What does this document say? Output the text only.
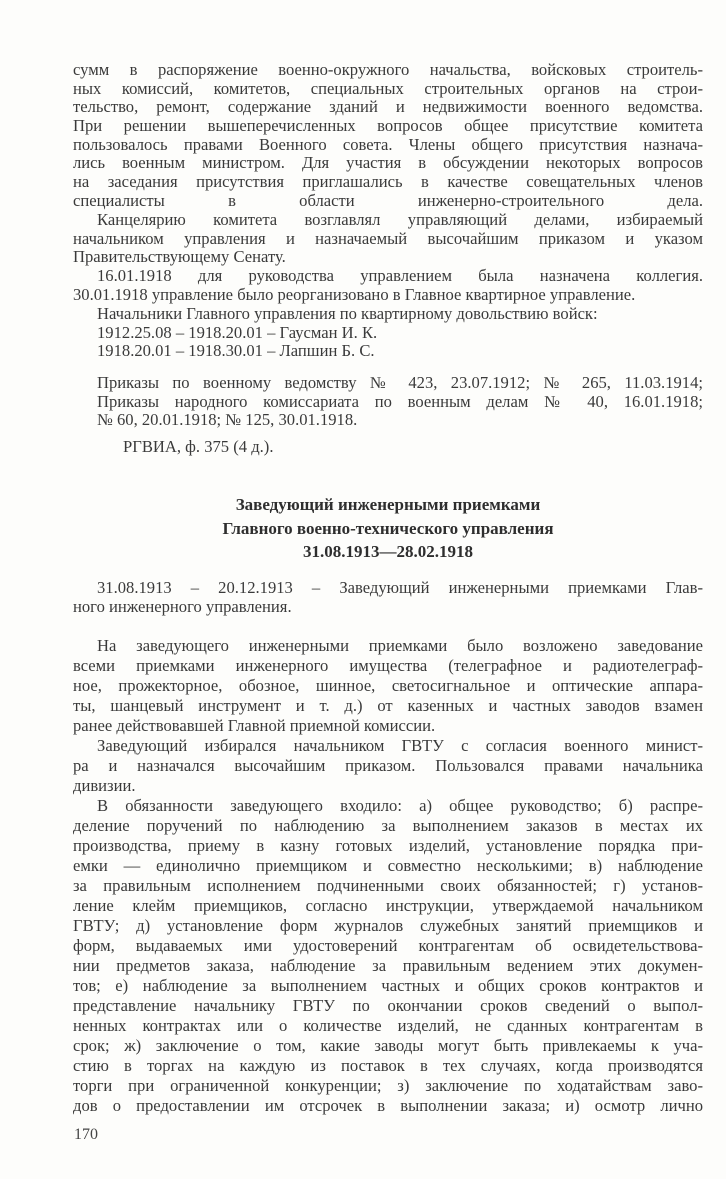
сумм в распоряжение военно-окружного начальства, войсковых строитель-
ных комиссий, комитетов, специальных строительных органов на строи-
тельство, ремонт, содержание зданий и недвижимости военного ведомства.
При решении вышеперечисленных вопросов общее присутствие комитета
пользовалось правами Военного совета. Члены общего присутствия назнача-
лись военным министром. Для участия в обсуждении некоторых вопросов
на заседания присутствия приглашались в качестве совещательных членов
специалисты в области инженерно-строительного дела.
Канцелярию комитета возглавлял управляющий делами, избираемый
начальником управления и назначаемый высочайшим приказом и указом
Правительствующему Сенату.
16.01.1918 для руководства управлением была назначена коллегия.
30.01.1918 управление было реорганизовано в Главное квартирное управление.
Начальники Главного управления по квартирному довольствию войск:
1912.25.08 – 1918.20.01 – Гаусман И. К.
1918.20.01 – 1918.30.01 – Лапшин Б. С.
Приказы по военному ведомству № 423, 23.07.1912; № 265, 11.03.1914;
Приказы народного комиссариата по военным делам № 40, 16.01.1918;
№ 60, 20.01.1918; № 125, 30.01.1918.
РГВИА, ф. 375 (4 д.).
Заведующий инженерными приемками
Главного военно-технического управления
31.08.1913—28.02.1918
31.08.1913 – 20.12.1913 – Заведующий инженерными приемками Глав-
ного инженерного управления.
На заведующего инженерными приемками было возложено заведование
всеми приемками инженерного имущества (телеграфное и радиотелеграф-
ное, прожекторное, обозное, шинное, светосигнальное и оптические аппара-
ты, шанцевый инструмент и т. д.) от казенных и частных заводов взамен
ранее действовавшей Главной приемной комиссии.
Заведующий избирался начальником ГВТУ с согласия военного минист-
ра и назначался высочайшим приказом. Пользовался правами начальника
дивизии.
В обязанности заведующего входило: а) общее руководство; б) распре-
деление поручений по наблюдению за выполнением заказов в местах их
производства, приему в казну готовых изделий, установление порядка при-
емки — единолично приемщиком и совместно несколькими; в) наблюдение
за правильным исполнением подчиненными своих обязанностей; г) установ-
ление клейм приемщиков, согласно инструкции, утверждаемой начальником
ГВТУ; д) установление форм журналов служебных занятий приемщиков и
форм, выдаваемых ими удостоверений контрагентам об освидетельствова-
нии предметов заказа, наблюдение за правильным ведением этих докумен-
тов; е) наблюдение за выполнением частных и общих сроков контрактов и
представление начальнику ГВТУ по окончании сроков сведений о выпол-
ненных контрактах или о количестве изделий, не сданных контрагентам в
срок; ж) заключение о том, какие заводы могут быть привлекаемы к уча-
стию в торгах на каждую из поставок в тех случаях, когда производятся
торги при ограниченной конкуренции; з) заключение по ходатайствам заво-
дов о предоставлении им отсрочек в выполнении заказа; и) осмотр лично
170
